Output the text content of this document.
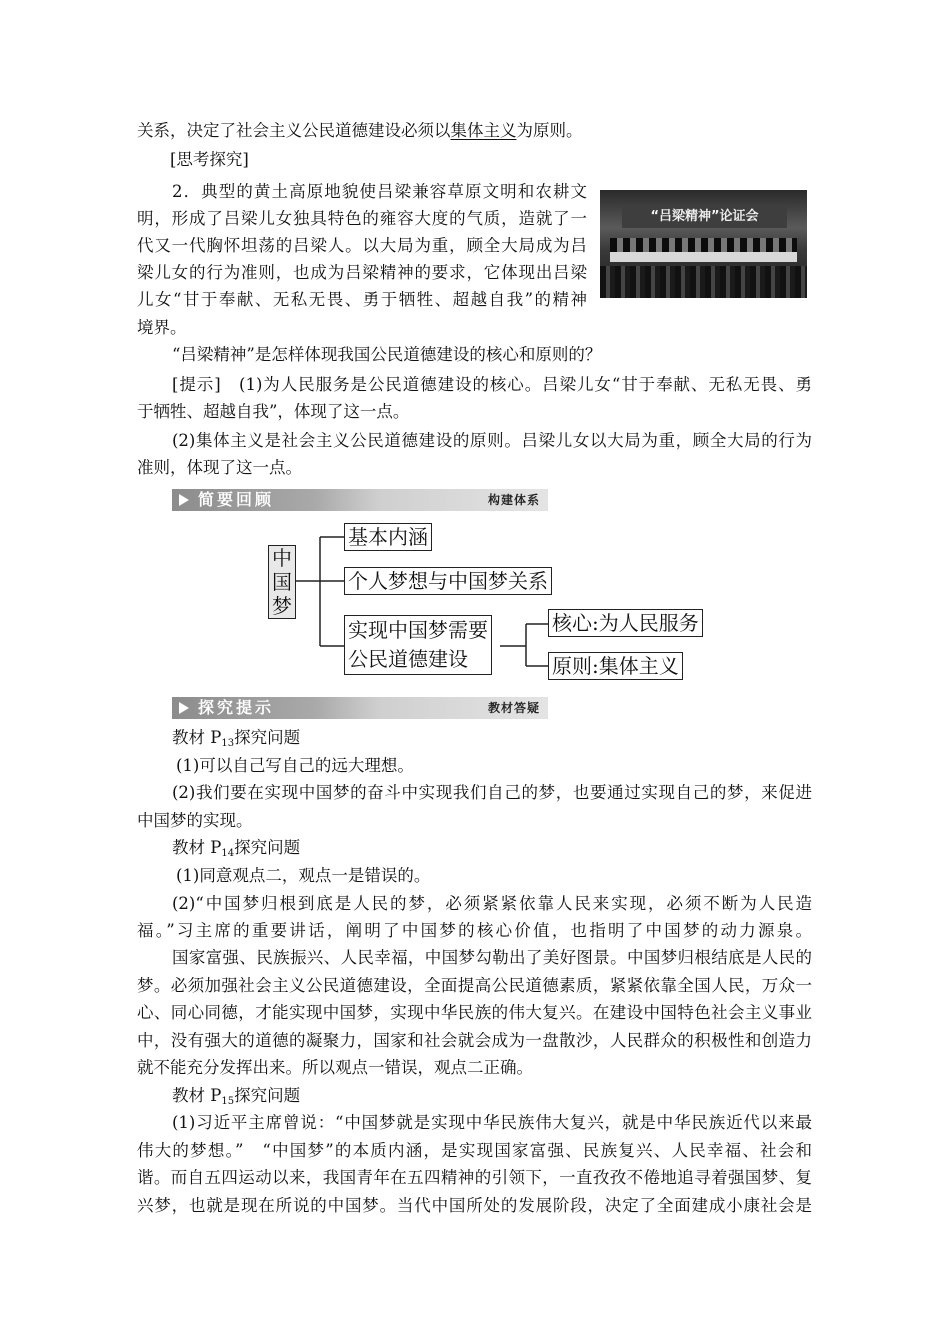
关系，决定了社会主义公民道德建设必须以集体主义为原则。
[思考探究]
2．典型的黄土高原地貌使吕梁兼容草原文明和农耕文
明，形成了吕梁儿女独具特色的雍容大度的气质，造就了一
代又一代胸怀坦荡的吕梁人。以大局为重，顾全大局成为吕
梁儿女的行为准则，也成为吕梁精神的要求，它体现出吕梁
儿女“甘于奉献、无私无畏、勇于牺牲、超越自我”的精神
境界。
“吕梁精神”论证会
“吕梁精神”是怎样体现我国公民道德建设的核心和原则的？
[提示]　(1)为人民服务是公民道德建设的核心。吕梁儿女“甘于奉献、无私无畏、勇
于牺牲、超越自我”，体现了这一点。
(2)集体主义是社会主义公民道德建设的原则。吕梁儿女以大局为重，顾全大局的行为
准则，体现了这一点。
简要回顾	构建体系
中国梦
基本内涵
个人梦想与中国梦关系
实现中国梦需要
公民道德建设
核心:为人民服务
原则:集体主义
探究提示	教材答疑
教材 $P_{13}$探究问题
(1)可以自己写自己的远大理想。
(2)我们要在实现中国梦的奋斗中实现我们自己的梦，也要通过实现自己的梦，来促进
中国梦的实现。
教材 $P_{14}$探究问题
(1)同意观点二，观点一是错误的。
(2)“中国梦归根到底是人民的梦，必须紧紧依靠人民来实现，必须不断为人民造
福。”习主席的重要讲话，阐明了中国梦的核心价值，也指明了中国梦的动力源泉。
国家富强、民族振兴、人民幸福，中国梦勾勒出了美好图景。中国梦归根结底是人民的
梦。必须加强社会主义公民道德建设，全面提高公民道德素质，紧紧依靠全国人民，万众一
心、同心同德，才能实现中国梦，实现中华民族的伟大复兴。在建设中国特色社会主义事业
中，没有强大的道德的凝聚力，国家和社会就会成为一盘散沙，人民群众的积极性和创造力
就不能充分发挥出来。所以观点一错误，观点二正确。
教材 $P_{15}$探究问题
(1)习近平主席曾说：“中国梦就是实现中华民族伟大复兴，就是中华民族近代以来最
伟大的梦想。”　“中国梦”的本质内涵，是实现国家富强、民族复兴、人民幸福、社会和
谐。而自五四运动以来，我国青年在五四精神的引领下，一直孜孜不倦地追寻着强国梦、复
兴梦，也就是现在所说的中国梦。当代中国所处的发展阶段，决定了全面建成小康社会是
